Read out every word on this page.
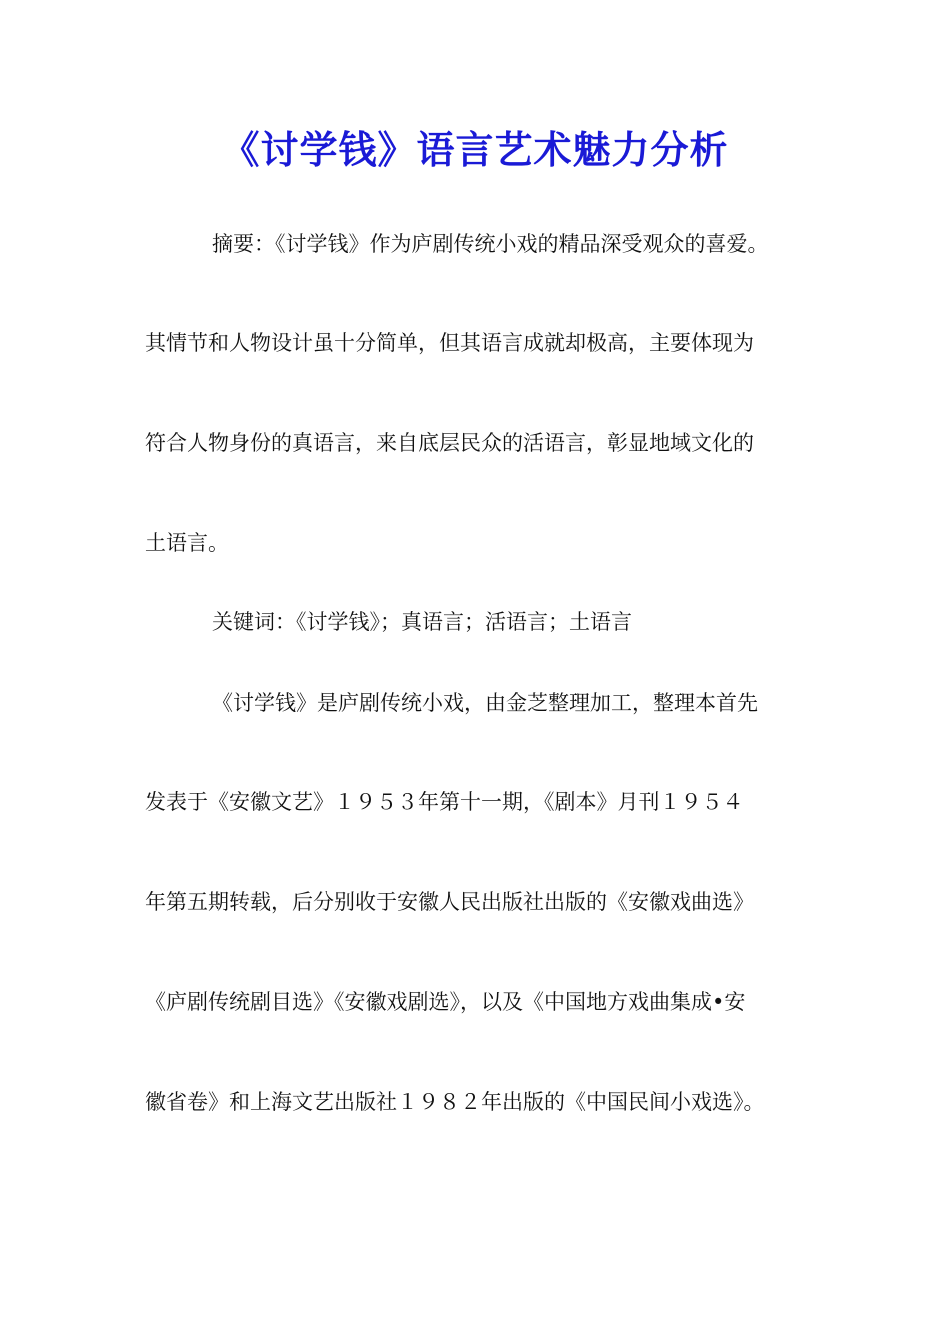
《讨学钱》语言艺术魅力分析
摘要：《讨学钱》作为庐剧传统小戏的精品深受观众的喜爱。
其情节和人物设计虽十分简单，但其语言成就却极高，主要体现为
符合人物身份的真语言，来自底层民众的活语言，彰显地域文化的
土语言。
关键词：《讨学钱》；真语言；活语言；土语言
《讨学钱》是庐剧传统小戏，由金芝整理加工，整理本首先
发表于《安徽文艺》１９５３年第十一期，《剧本》月刊１９５４
年第五期转载，后分别收于安徽人民出版社出版的《安徽戏曲选》
《庐剧传统剧目选》《安徽戏剧选》，以及《中国地方戏曲集成•安
徽省卷》和上海文艺出版社１９８２年出版的《中国民间小戏选》。
